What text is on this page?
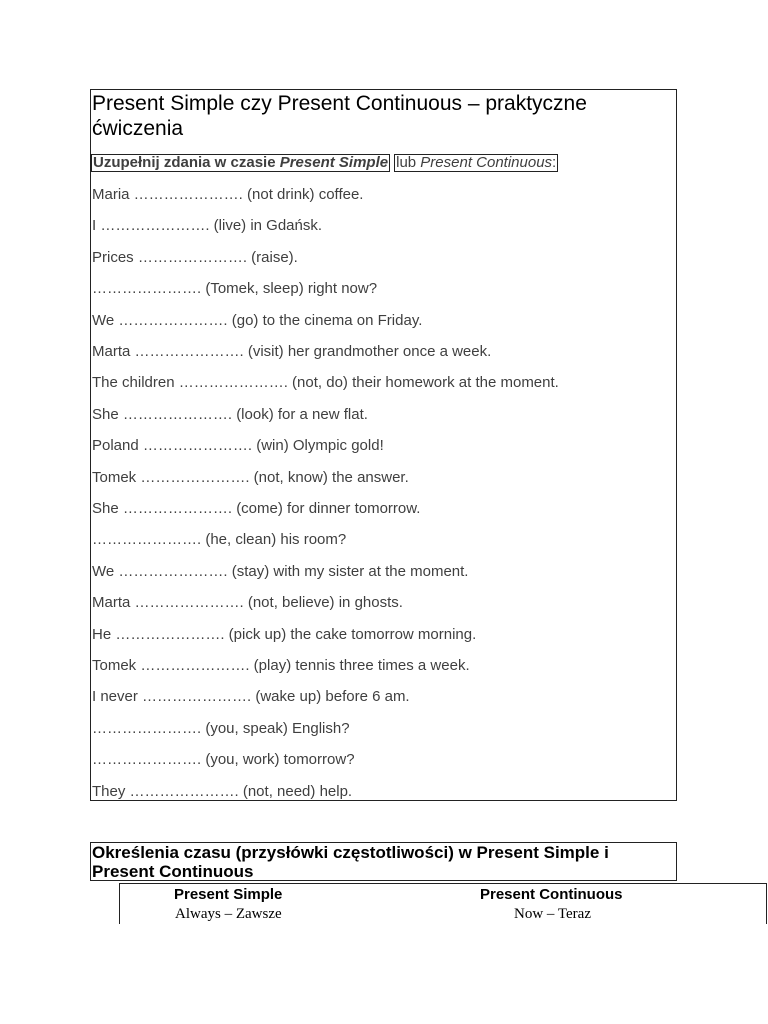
Present Simple czy Present Continuous – praktyczne ćwiczenia
Uzupełnij zdania w czasie Present Simple lub Present Continuous:
Maria …………………. (not drink) coffee.
I …………………. (live) in Gdańsk.
Prices …………………. (raise).
…………………. (Tomek, sleep) right now?
We …………………. (go) to the cinema on Friday.
Marta …………………. (visit) her grandmother once a week.
The children …………………. (not, do) their homework at the moment.
She …………………. (look) for a new flat.
Poland …………………. (win) Olympic gold!
Tomek …………………. (not, know) the answer.
She …………………. (come) for dinner tomorrow.
…………………. (he, clean) his room?
We …………………. (stay) with my sister at the moment.
Marta …………………. (not, believe) in ghosts.
He …………………. (pick up) the cake tomorrow morning.
Tomek …………………. (play) tennis three times a week.
I never …………………. (wake up) before 6 am.
…………………. (you, speak) English?
…………………. (you, work) tomorrow?
They …………………. (not, need) help.
Określenia czasu (przysłówki częstotliwości) w Present Simple i Present Continuous
Present Simple	Present Continuous
Always – Zawsze	Now – Teraz
